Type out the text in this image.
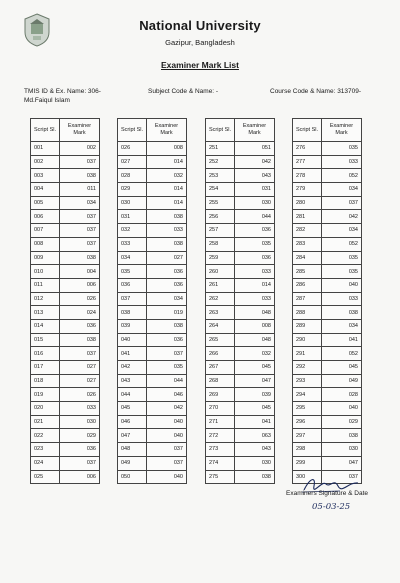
National University
Gazipur, Bangladesh
Examiner Mark List
TMIS ID & Ex. Name: 306-	Subject Code & Name: -	Course Code & Name: 313709-
Md.Faiqul Islam
Script Sl.	Examiner Mark
001	002
002	037
003	038
004	011
005	034
006	037
007	037
008	037
009	038
010	004
011	006
012	026
013	024
014	036
015	038
016	037
017	027
018	027
019	026
020	033
021	030
022	029
023	036
024	037
025	006
Script Sl.	Examiner Mark
026	008
027	014
028	032
029	014
030	014
031	038
032	033
033	038
034	027
035	036
036	036
037	034
038	019
039	038
040	036
041	037
042	035
043	044
044	046
045	042
046	040
047	040
048	037
049	037
050	040
Script Sl.	Examiner Mark
251	051
252	042
253	043
254	031
255	030
256	044
257	036
258	035
259	036
260	033
261	014
262	033
263	048
264	008
265	048
266	032
267	045
268	047
269	039
270	045
271	041
272	063
273	043
274	030
275	038
Script Sl.	Examiner Mark
276	035
277	033
278	052
279	034
280	037
281	042
282	034
283	052
284	035
285	035
286	040
287	033
288	038
289	034
290	041
291	052
292	045
293	049
294	028
295	040
296	029
297	038
298	030
299	047
300	037
Examiners Signature & Date
05-03-25
